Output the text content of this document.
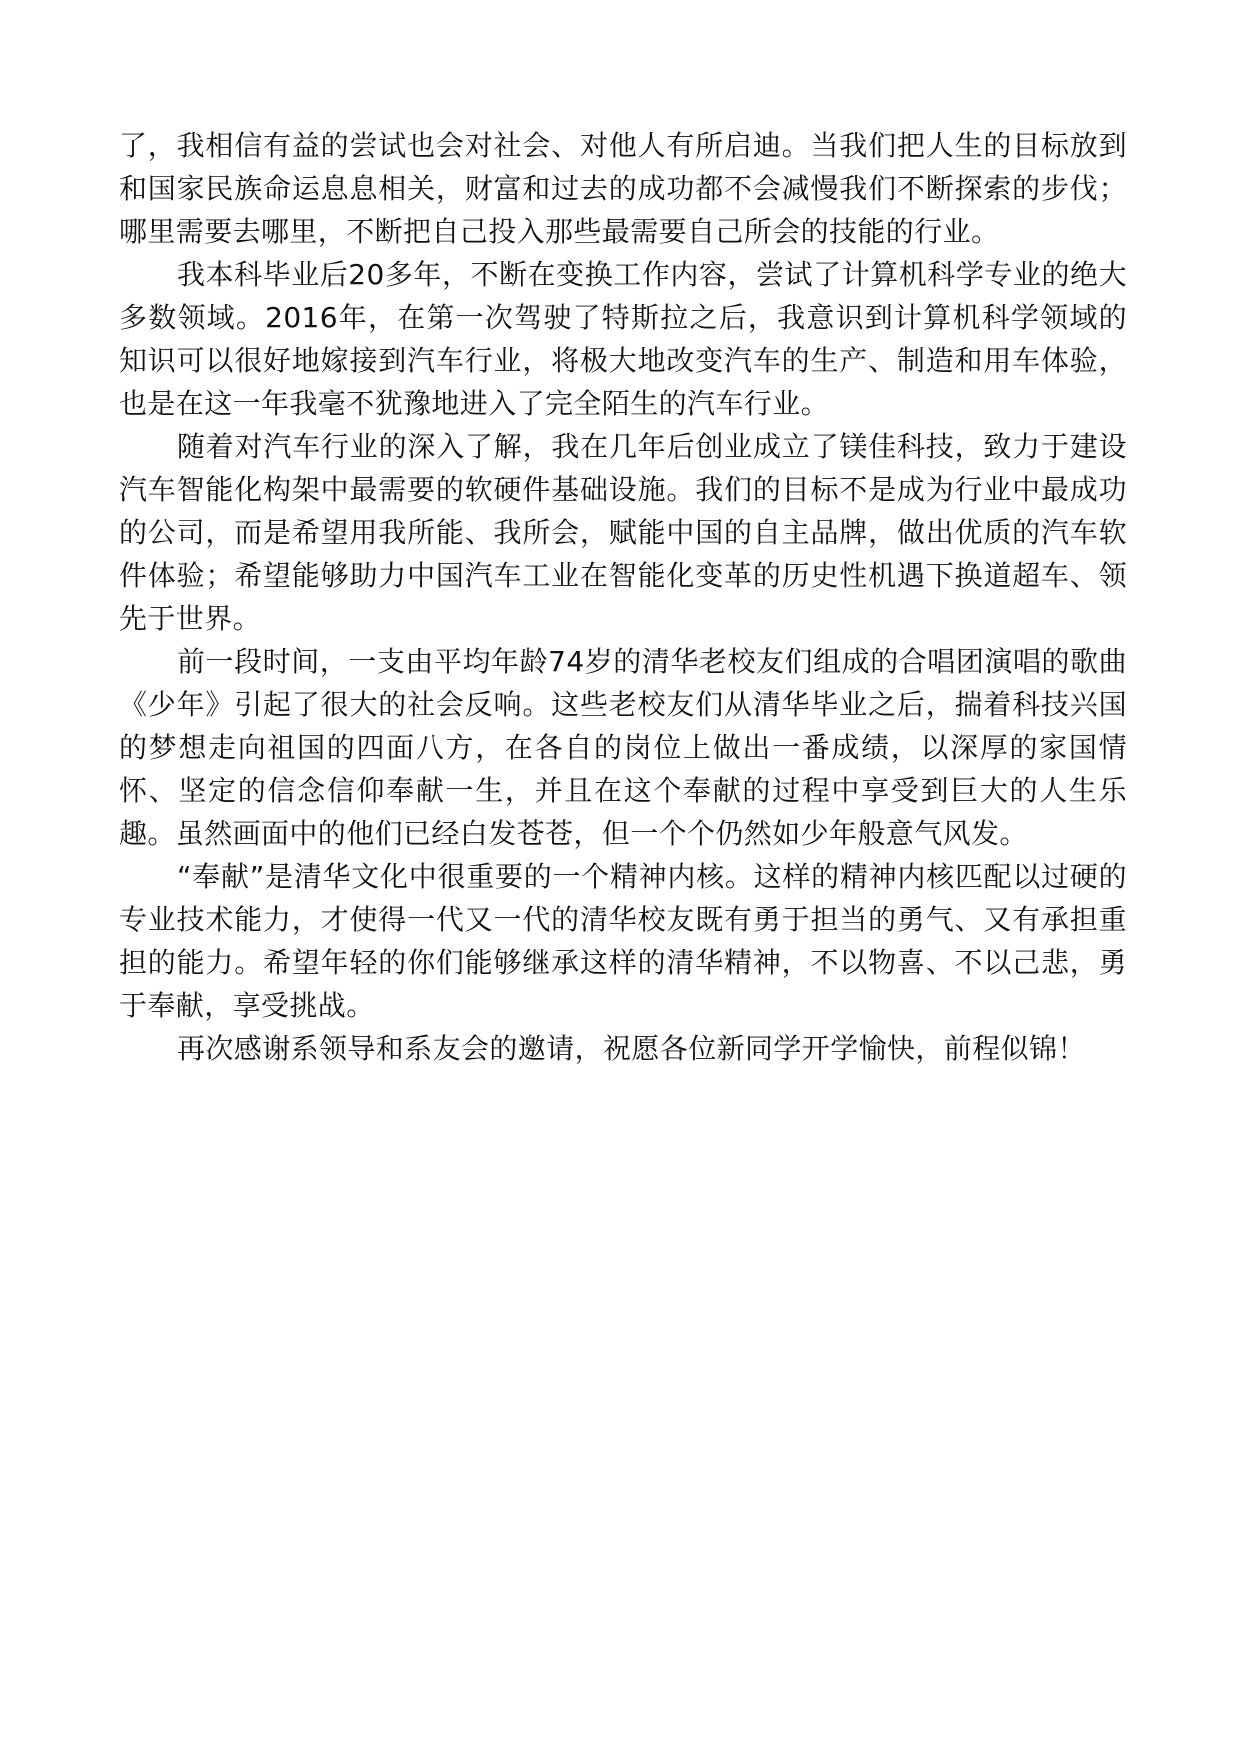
了，我相信有益的尝试也会对社会、对他人有所启迪。当我们把人生的目标放到和国家民族命运息息相关，财富和过去的成功都不会减慢我们不断探索的步伐；哪里需要去哪里，不断把自己投入那些最需要自己所会的技能的行业。

我本科毕业后20多年，不断在变换工作内容，尝试了计算机科学专业的绝大多数领域。2016年，在第一次驾驶了特斯拉之后，我意识到计算机科学领域的知识可以很好地嫁接到汽车行业，将极大地改变汽车的生产、制造和用车体验，也是在这一年我毫不犹豫地进入了完全陌生的汽车行业。

随着对汽车行业的深入了解，我在几年后创业成立了镁佳科技，致力于建设汽车智能化构架中最需要的软硬件基础设施。我们的目标不是成为行业中最成功的公司，而是希望用我所能、我所会，赋能中国的自主品牌，做出优质的汽车软件体验；希望能够助力中国汽车工业在智能化变革的历史性机遇下换道超车、领先于世界。

前一段时间，一支由平均年龄74岁的清华老校友们组成的合唱团演唱的歌曲《少年》引起了很大的社会反响。这些老校友们从清华毕业之后，揣着科技兴国的梦想走向祖国的四面八方，在各自的岗位上做出一番成绩，以深厚的家国情怀、坚定的信念信仰奉献一生，并且在这个奉献的过程中享受到巨大的人生乐趣。虽然画面中的他们已经白发苍苍，但一个个仍然如少年般意气风发。

“奉献”是清华文化中很重要的一个精神内核。这样的精神内核匹配以过硬的专业技术能力，才使得一代又一代的清华校友既有勇于担当的勇气、又有承担重担的能力。希望年轻的你们能够继承这样的清华精神，不以物喜、不以己悲，勇于奉献，享受挑战。

再次感谢系领导和系友会的邀请，祝愿各位新同学开学愉快，前程似锦！
